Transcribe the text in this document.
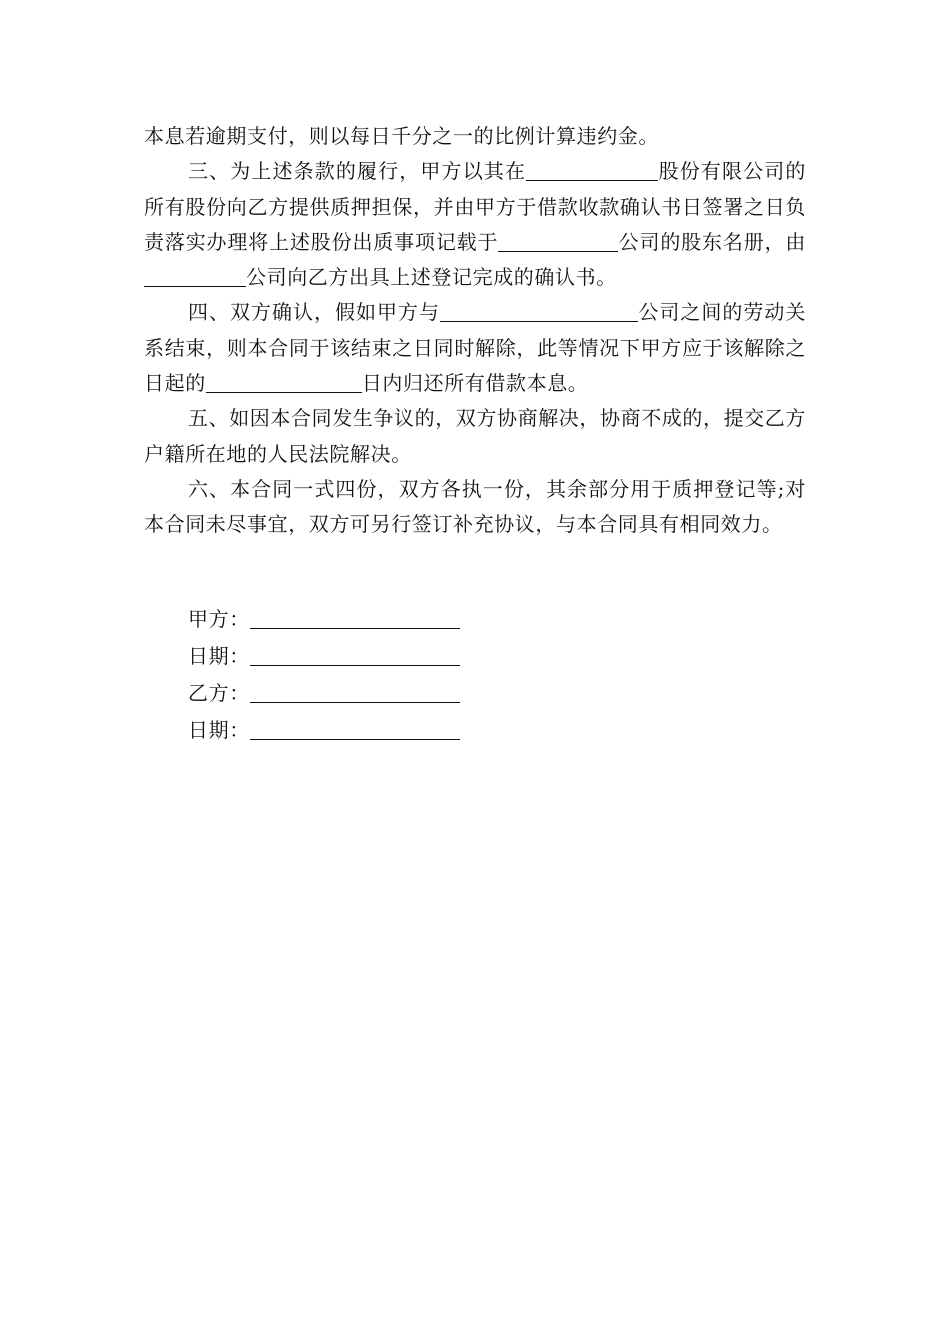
本息若逾期支付，则以每日千分之一的比例计算违约金。

三、为上述条款的履行，甲方以其在	股份有限公司的所有股份向乙方提供质押担保，并由甲方于借款收款确认书日签署之日负责落实办理将上述股份出质事项记载于	公司的股东名册，由 公司向乙方出具上述登记完成的确认书。

四、双方确认，假如甲方与	公司之间的劳动关系结束，则本合同于该结束之日同时解除，此等情况下甲方应于该解除之日起的	日内归还所有借款本息。

五、如因本合同发生争议的，双方协商解决，协商不成的，提交乙方户籍所在地的人民法院解决。

六、本合同一式四份，双方各执一份，其余部分用于质押登记等;对本合同未尽事宜，双方可另行签订补充协议，与本合同具有相同效力。

甲方：
日期：
乙方：
日期：
